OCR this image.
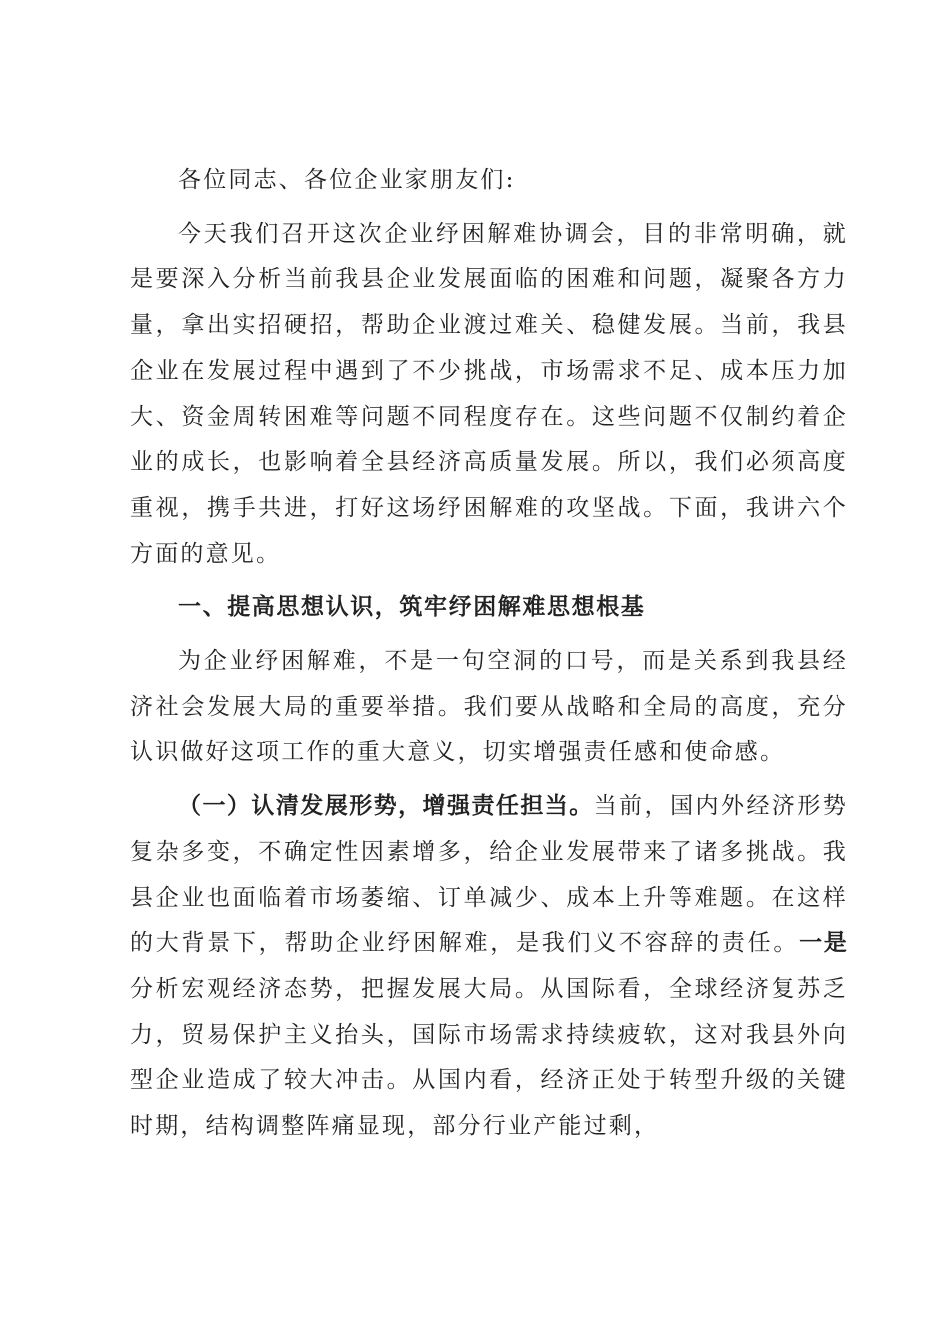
各位同志、各位企业家朋友们:

今天我们召开这次企业纾困解难协调会，目的非常明确，就是要深入分析当前我县企业发展面临的困难和问题，凝聚各方力量，拿出实招硬招，帮助企业渡过难关、稳健发展。当前，我县企业在发展过程中遇到了不少挑战，市场需求不足、成本压力加大、资金周转困难等问题不同程度存在。这些问题不仅制约着企业的成长，也影响着全县经济高质量发展。所以，我们必须高度重视，携手共进，打好这场纾困解难的攻坚战。下面，我讲六个方面的意见。

一、提高思想认识，筑牢纾困解难思想根基

为企业纾困解难，不是一句空洞的口号，而是关系到我县经济社会发展大局的重要举措。我们要从战略和全局的高度，充分认识做好这项工作的重大意义，切实增强责任感和使命感。

（一）认清发展形势，增强责任担当。当前，国内外经济形势复杂多变，不确定性因素增多，给企业发展带来了诸多挑战。我县企业也面临着市场萎缩、订单减少、成本上升等难题。在这样的大背景下，帮助企业纾困解难，是我们义不容辞的责任。一是分析宏观经济态势，把握发展大局。从国际看，全球经济复苏乏力，贸易保护主义抬头，国际市场需求持续疲软，这对我县外向型企业造成了较大冲击。从国内看，经济正处于转型升级的关键时期，结构调整阵痛显现，部分行业产能过剩，
